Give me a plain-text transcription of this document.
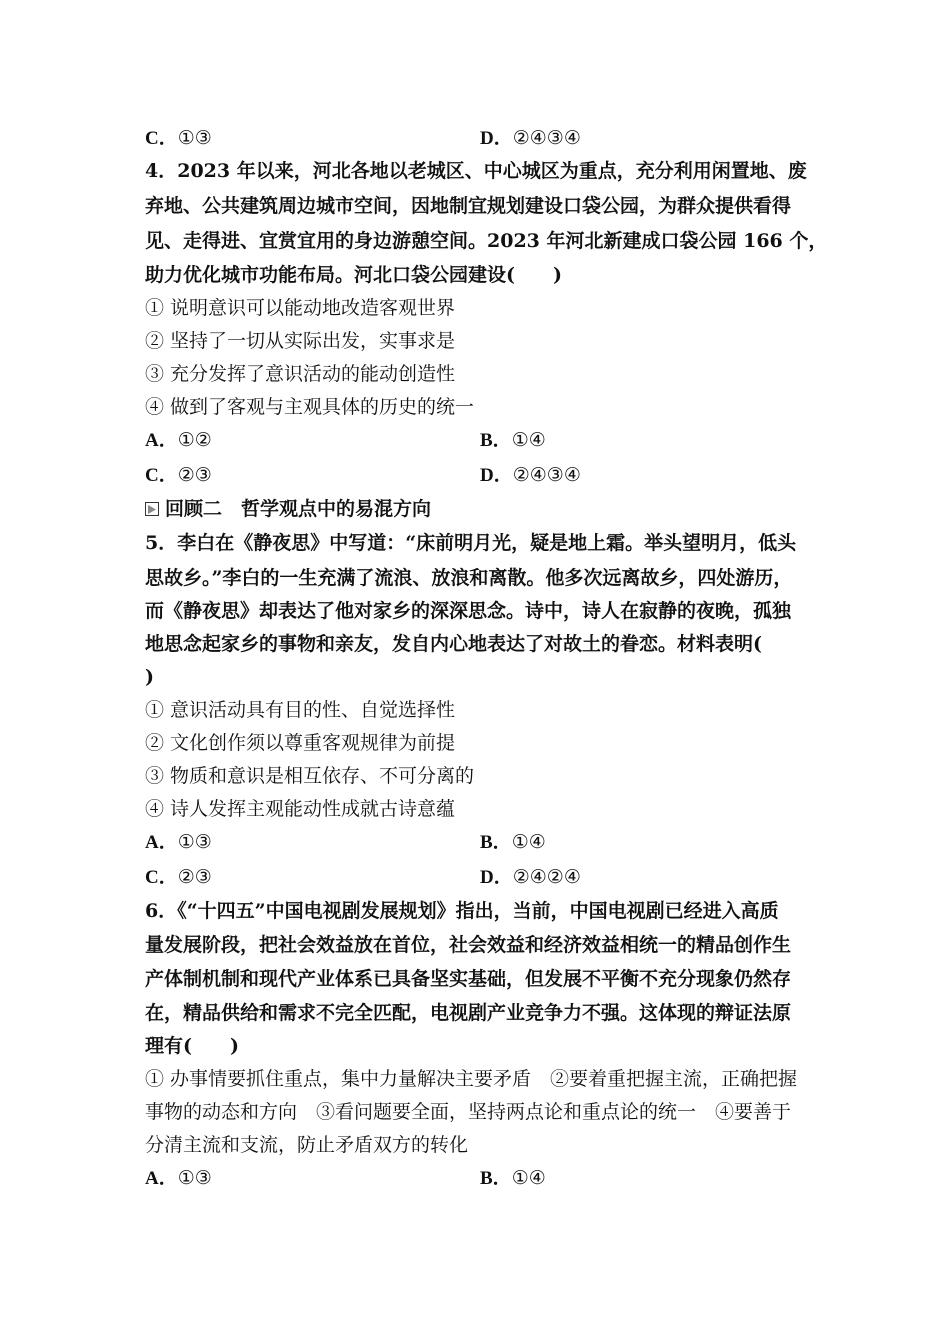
C．①③	D．②④③④
4．2023 年以来，河北各地以老城区、中心城区为重点，充分利用闲置地、废
弃地、公共建筑周边城市空间，因地制宜规划建设口袋公园，为群众提供看得
见、走得进、宜赏宜用的身边游憩空间。2023 年河北新建成口袋公园 166 个，
助力优化城市功能布局。河北口袋公园建设(　　)
① 说明意识可以能动地改造客观世界
② 坚持了一切从实际出发，实事求是
③ 充分发挥了意识活动的能动创造性
④ 做到了客观与主观具体的历史的统一
A．①②	B．①④
C．②③	D．②④③④
回顾二　哲学观点中的易混方向
5．李白在《静夜思》中写道：“床前明月光，疑是地上霜。举头望明月，低头
思故乡。”李白的一生充满了流浪、放浪和离散。他多次远离故乡，四处游历，
而《静夜思》却表达了他对家乡的深深思念。诗中，诗人在寂静的夜晚，孤独
地思念起家乡的事物和亲友，发自内心地表达了对故土的眷恋。材料表明(
)
① 意识活动具有目的性、自觉选择性
② 文化创作须以尊重客观规律为前提
③ 物质和意识是相互依存、不可分离的
④ 诗人发挥主观能动性成就古诗意蕴
A．①③	B．①④
C．②③	D．②④②④
6．《“十四五”中国电视剧发展规划》指出，当前，中国电视剧已经进入高质
量发展阶段，把社会效益放在首位，社会效益和经济效益相统一的精品创作生
产体制机制和现代产业体系已具备坚实基础，但发展不平衡不充分现象仍然存
在，精品供给和需求不完全匹配，电视剧产业竞争力不强。这体现的辩证法原
理有(　　)
① 办事情要抓住重点，集中力量解决主要矛盾　②要着重把握主流，正确把握
事物的动态和方向　③看问题要全面，坚持两点论和重点论的统一　④要善于
分清主流和支流，防止矛盾双方的转化
A．①③	B．①④
